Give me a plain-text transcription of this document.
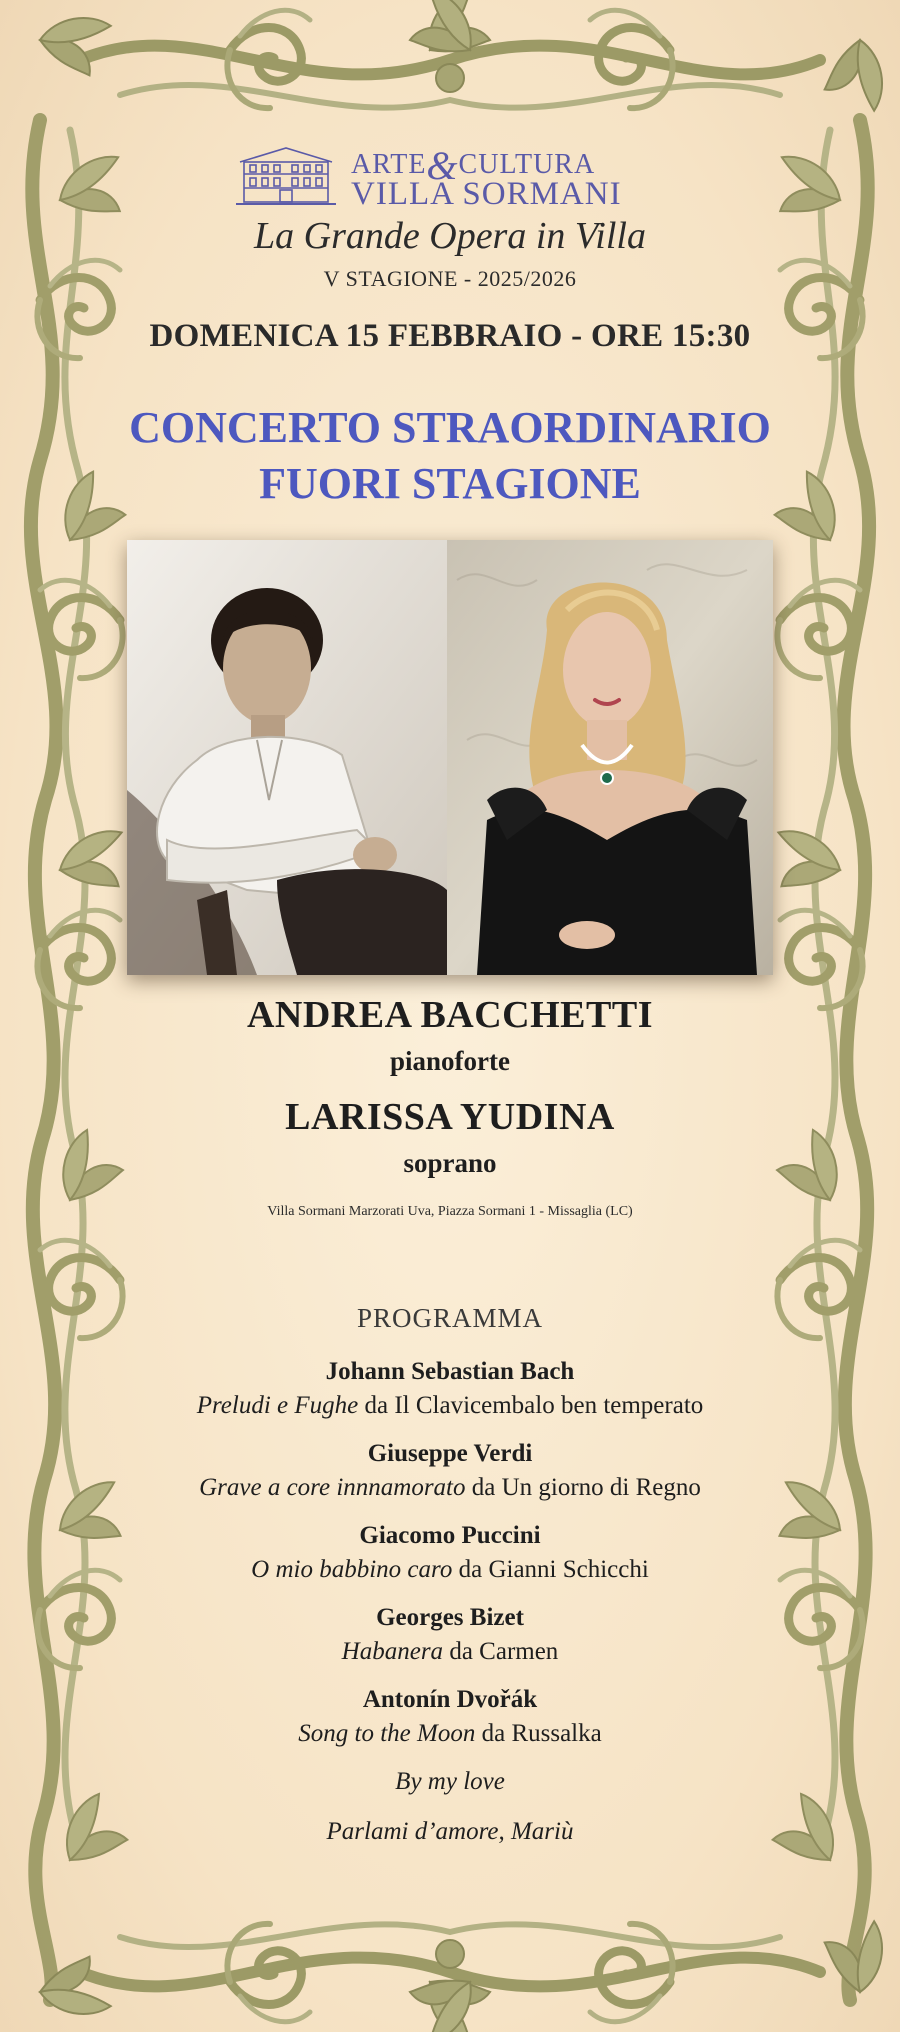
ARTE&CULTURA
VILLA SORMANI
La Grande Opera in Villa
V STAGIONE - 2025/2026
DOMENICA 15 FEBBRAIO - ORE 15:30
CONCERTO STRAORDINARIO
FUORI STAGIONE
ANDREA BACCHETTI
pianoforte
LARISSA YUDINA
soprano
Villa Sormani Marzorati Uva, Piazza Sormani 1 - Missaglia (LC)
PROGRAMMA
Johann Sebastian Bach
Preludi e Fughe da Il Clavicembalo ben temperato
Giuseppe Verdi
Grave a core innnamorato da Un giorno di Regno
Giacomo Puccini
O mio babbino caro da Gianni Schicchi
Georges Bizet
Habanera da Carmen
Antonín Dvořák
Song to the Moon da Russalka
By my love
Parlami d’amore, Mariù
